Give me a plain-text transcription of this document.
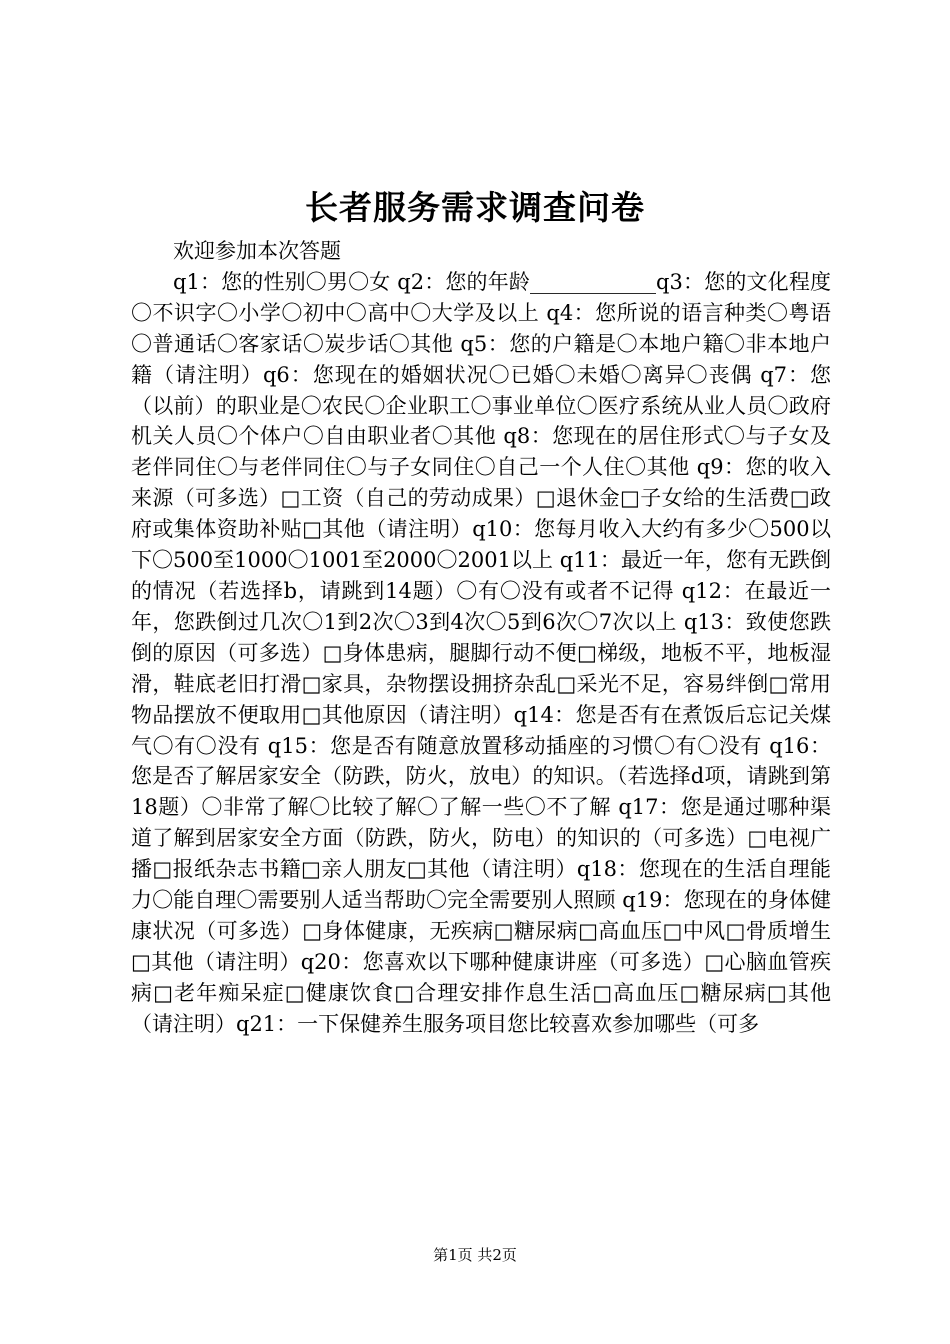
长者服务需求调查问卷

欢迎参加本次答题

q1：您的性别〇男〇女 q2：您的年龄____________q3：您的文化程度〇不识字〇小学〇初中〇高中〇大学及以上 q4：您所说的语言种类〇粤语〇普通话〇客家话〇炭步话〇其他 q5：您的户籍是〇本地户籍〇非本地户籍（请注明）q6：您现在的婚姻状况〇已婚〇未婚〇离异〇丧偶 q7：您（以前）的职业是〇农民〇企业职工〇事业单位〇医疗系统从业人员〇政府机关人员〇个体户〇自由职业者〇其他 q8：您现在的居住形式〇与子女及老伴同住〇与老伴同住〇与子女同住〇自己一个人住〇其他 q9：您的收入来源（可多选）□工资（自己的劳动成果）□退休金□子女给的生活费□政府或集体资助补贴□其他（请注明）q10：您每月收入大约有多少〇500以下〇500至1000〇1001至2000〇2001以上 q11：最近一年，您有无跌倒的情况（若选择b，请跳到14题）〇有〇没有或者不记得 q12：在最近一年，您跌倒过几次〇1到2次〇3到4次〇5到6次〇7次以上 q13：致使您跌倒的原因（可多选）□身体患病，腿脚行动不便□梯级，地板不平，地板湿滑，鞋底老旧打滑□家具，杂物摆设拥挤杂乱□采光不足，容易绊倒□常用物品摆放不便取用□其他原因（请注明）q14：您是否有在煮饭后忘记关煤气〇有〇没有 q15：您是否有随意放置移动插座的习惯〇有〇没有 q16：您是否了解居家安全（防跌，防火，放电）的知识。（若选择d项，请跳到第18题）〇非常了解〇比较了解〇了解一些〇不了解 q17：您是通过哪种渠道了解到居家安全方面（防跌，防火，防电）的知识的（可多选）□电视广播□报纸杂志书籍□亲人朋友□其他（请注明）q18：您现在的生活自理能力〇能自理〇需要别人适当帮助〇完全需要别人照顾 q19：您现在的身体健康状况（可多选）□身体健康，无疾病□糖尿病□高血压□中风□骨质增生□其他（请注明）q20：您喜欢以下哪种健康讲座（可多选）□心脑血管疾病□老年痴呆症□健康饮食□合理安排作息生活□高血压□糖尿病□其他（请注明）q21：一下保健养生服务项目您比较喜欢参加哪些（可多

第1页 共2页
